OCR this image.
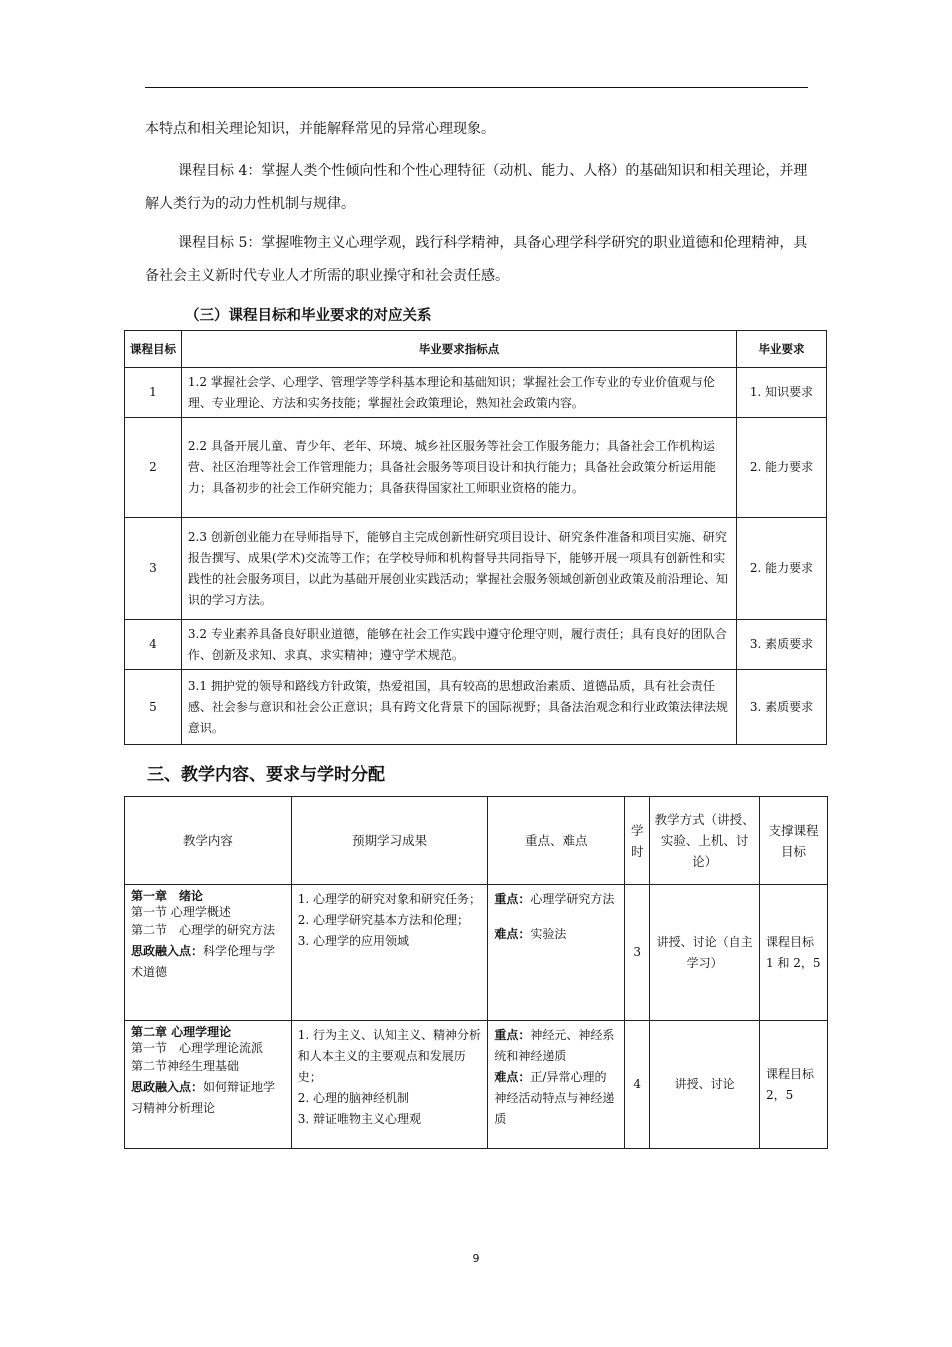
本特点和相关理论知识，并能解释常见的异常心理现象。

课程目标 4：掌握人类个性倾向性和个性心理特征（动机、能力、人格）的基础知识和相关理论，并理解人类行为的动力性机制与规律。

课程目标 5：掌握唯物主义心理学观，践行科学精神，具备心理学科学研究的职业道德和伦理精神，具备社会主义新时代专业人才所需的职业操守和社会责任感。

（三）课程目标和毕业要求的对应关系

课程目标	毕业要求指标点	毕业要求
1	1.2 掌握社会学、心理学、管理学等学科基本理论和基础知识；掌握社会工作专业的专业价值观与伦理、专业理论、方法和实务技能；掌握社会政策理论，熟知社会政策内容。	1. 知识要求
2	2.2 具备开展儿童、青少年、老年、环境、城乡社区服务等社会工作服务能力；具备社会工作机构运营、社区治理等社会工作管理能力；具备社会服务等项目设计和执行能力；具备社会政策分析运用能力；具备初步的社会工作研究能力；具备获得国家社工师职业资格的能力。	2. 能力要求
3	2.3 创新创业能力在导师指导下，能够自主完成创新性研究项目设计、研究条件准备和项目实施、研究报告撰写、成果(学术)交流等工作；在学校导师和机构督导共同指导下，能够开展一项具有创新性和实践性的社会服务项目，以此为基础开展创业实践活动；掌握社会服务领域创新创业政策及前沿理论、知识的学习方法。	2. 能力要求
4	3.2 专业素养具备良好职业道德，能够在社会工作实践中遵守伦理守则，履行责任；具有良好的团队合作、创新及求知、求真、求实精神；遵守学术规范。	3. 素质要求
5	3.1 拥护党的领导和路线方针政策，热爱祖国，具有较高的思想政治素质、道德品质，具有社会责任感、社会参与意识和社会公正意识；具有跨文化背景下的国际视野；具备法治观念和行业政策法律法规意识。	3. 素质要求

三、教学内容、要求与学时分配

教学内容	预期学习成果	重点、难点	学时	教学方式（讲授、实验、上机、讨论）	支撑课程目标

第一章　绪论
第一节 心理学概述
第二节　心理学的研究方法
思政融入点：科学伦理与学术道德	1. 心理学的研究对象和研究任务；
2. 心理学研究基本方法和伦理；
3. 心理学的应用领域	重点：心理学研究方法
难点：实验法	3	讲授、讨论（自主学习）	课程目标 1 和 2，5

第二章 心理学理论
第一节　心理学理论流派
第二节神经生理基础
思政融入点：如何辩证地学习精神分析理论	1. 行为主义、认知主义、精神分析和人本主义的主要观点和发展历史；
2. 心理的脑神经机制
3. 辩证唯物主义心理观	重点：神经元、神经系统和神经递质
难点：正/异常心理的神经活动特点与神经递质	4	讲授、讨论	课程目标 2，5

9
